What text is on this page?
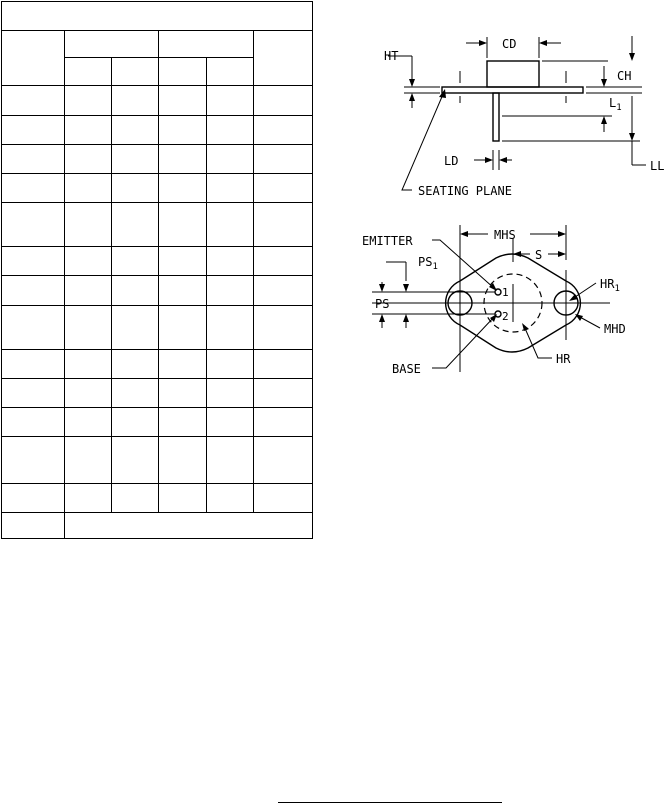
CD
HT
CH
$L_1$
LL
LD
SEATING PLANE
1
2
MHS
S
EMITTER
$PS_1$
PS
$HR_1$
MHD
BASE
HR
